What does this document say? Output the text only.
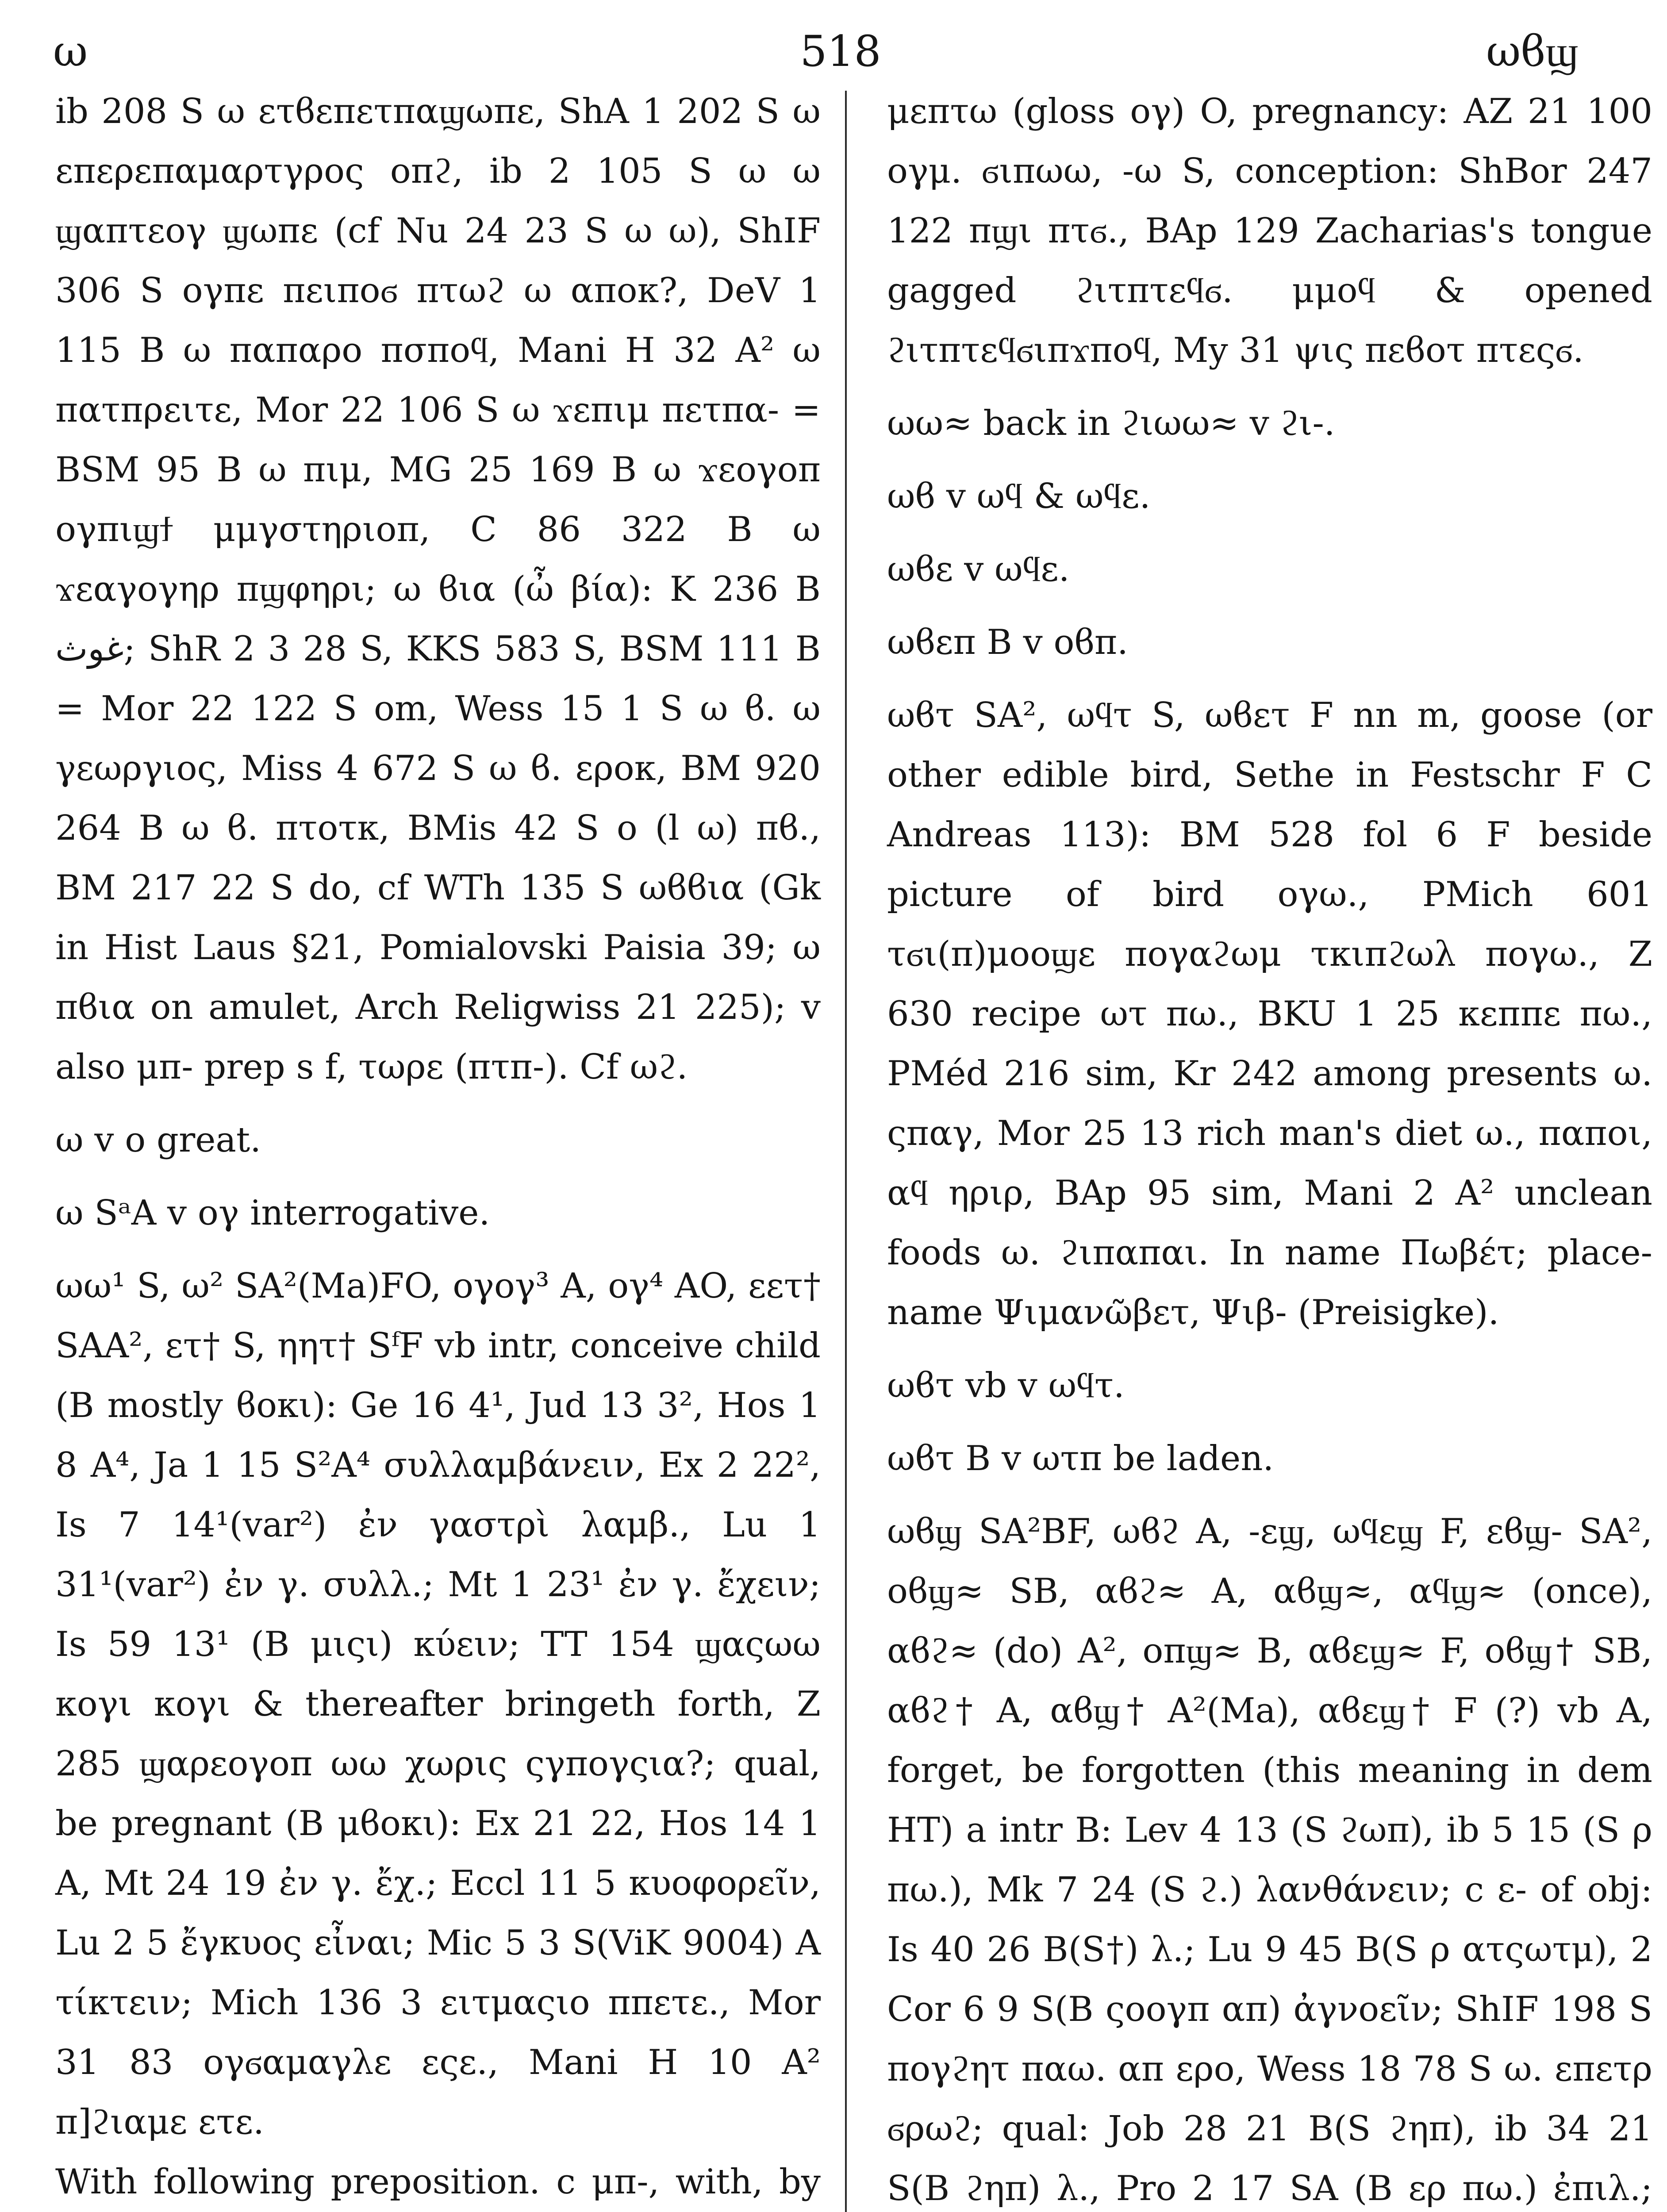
ω	518	ωϐϣ

ib 208 S ω ετϐεπετπαϣωπε, ShA 1 202 S ω επερεπαμαρτγρος οπϩ, ib 2 105 S ω ω ϣαπτεογ ϣωπε (cf Nu 24 23 S ω ω), ShIF 306 S ογπε πειποϭ πτωϩ ω αποκ?, DeV 1 115 B ω παπαρο πσποϥ, Mani H 32 A² ω πατπρειτε, Mor 22 106 S ω ϫεπιμ πετπα- = BSM 95 B ω πιμ, MG 25 169 B ω ϫεογοπ ογπιϣϯ μμγστηριοπ, C 86 322 B ω ϫεαγογηρ πϣφηρι; ω ϐια (ὦ βία): K 236 B غوث; ShR 2 3 28 S, KKS 583 S, BSM 111 B = Mor 22 122 S om, Wess 15 1 S ω ϐ. ω γεωργιος, Miss 4 672 S ω ϐ. εροκ, BM 920 264 B ω ϐ. πτοτκ, BMis 42 S ο (l ω) πϐ., BM 217 22 S do, cf WTh 135 S ωϐϐια (Gk in Hist Laus §21, Pomialovski Paisia 39; ω πϐια on amulet, Arch Religwiss 21 225); v also μπ- prep s f, τωρε (πτπ-). Cf ωϩ.

ω v o great.

ω SᵃA v ογ interrogative.

ωω¹ S, ω² SA²(Ma)FO, ογογ³ A, ογ⁴ AO, εετ† SAA², ετ† S, ηητ† SᶠF vb intr, conceive child (B mostly ϐοκι): Ge 16 4¹, Jud 13 3², Hos 1 8 A⁴, Ja 1 15 S²A⁴ συλλαμβάνειν, Ex 2 22², Is 7 14¹(var²) ἐν γαστρὶ λαμβ., Lu 1 31¹(var²) ἐν γ. συλλ.; Mt 1 23¹ ἐν γ. ἔχειν; Is 59 13¹ (B μιςι) κύειν; TT 154 ϣαςωω κογι κογι & thereafter bringeth forth, Z 285 ϣαρεογοπ ωω χωρις ςγπογςια?; qual, be pregnant (B μϐοκι): Ex 21 22, Hos 14 1 A, Mt 24 19 ἐν γ. ἔχ.; Eccl 11 5 κυοφορεῖν, Lu 2 5 ἔγκυος εἶναι; Mic 5 3 S(ViK 9004) A τίκτειν; Mich 136 3 ειτμαςιο ππετε., Mor 31 83 ογϭαμαγλε εςε., Mani H 10 A² π]ϩιαμε ετε.

With following preposition. c μπ-, with, by

μεπτω (gloss ογ) O, pregnancy: AZ 21 100 ογμ. ϭιπωω, -ω S, conception: ShBor 247 122 πϣι πτϭ., BAp 129 Zacharias's tongue gagged ϩιτπτεϥϭ. μμοϥ & opened ϩιτπτεϥϭιπϫποϥ, My 31 ψις πεϐοτ πτεςϭ.

ωω≈ back in ϩιωω≈ v ϩι-.

ωϐ v ωϥ & ωϥε.

ωϐε v ωϥε.

ωϐεπ B v οϐπ.

ωϐτ SA², ωϥτ S, ωϐετ F nn m, goose (or other edible bird, Sethe in Festschr F C Andreas 113): BM 528 fol 6 F beside picture of bird ογω., PMich 601 τϭι(π)μοοϣε πογαϩωμ τκιπϩωλ πογω., Z 630 recipe ωτ πω., BKU 1 25 κεππε πω., PMéd 216 sim, Kr 242 among presents ω. ςπαγ, Mor 25 13 rich man's diet ω., παποι, αϥ ηριρ, BAp 95 sim, Mani 2 A² unclean foods ω. ϩιπαπαι. In name Πωβέτ; place-name Ψιμανῶβετ, Ψιβ- (Preisigke).

ωϐτ vb v ωϥτ.

ωϐτ B v ωτπ be laden.

ωϐϣ SA²BF, ωϐϩ A, -εϣ, ωϥεϣ F, εϐϣ- SA², οϐϣ≈ SB, αϐϩ≈ A, αϐϣ≈, αϥϣ≈ (once), αϐϩ≈ (do) A², οπϣ≈ B, αϐεϣ≈ F, οϐϣ† SB, αϐϩ† A, αϐϣ† A²(Ma), αϐεϣ† F (?) vb A, forget, be forgotten (this meaning in dem HT) a intr B: Lev 4 13 (S ϩωπ), ib 5 15 (S ρ πω.), Mk 7 24 (S ϩ.) λανθάνειν; c ε- of obj: Is 40 26 B(S†) λ.; Lu 9 45 B(S ρ ατςωτμ), 2 Cor 6 9 S(B ςοογπ απ) ἀγνοεῖν; ShIF 198 S πογϩητ παω. απ ερο, Wess 18 78 S ω. επετρ ϭρωϩ; qual: Job 28 21 B(S ϩηπ), ib 34 21 S(B ϩηπ) λ., Pro 2 17 SA (B ερ πω.) ἐπιλ.;
